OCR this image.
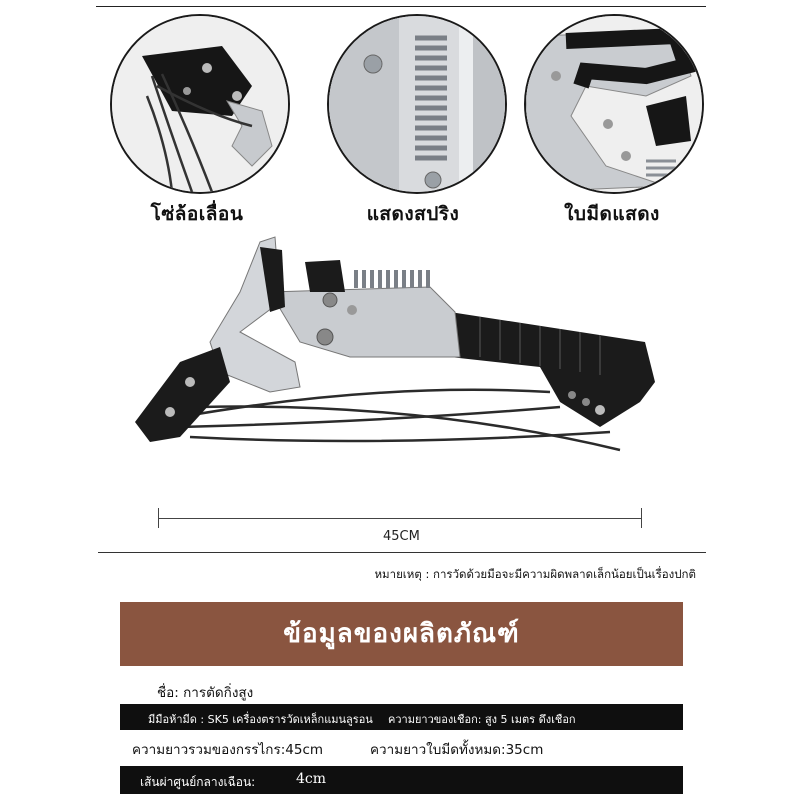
โซ่ล้อเลื่อน	แสดงสปริง	ใบมีดแสดง
45CM
หมายเหตุ : การวัดด้วยมือจะมีความผิดพลาดเล็กน้อยเป็นเรื่องปกติ
ข้อมูลของผลิตภัณฑ์
ชื่อ: การตัดกิ่งสูง
มีมือห้ามีด : SK5 เครื่องตรารวัดเหล็กแมนลูรอน ความยาวของเชือก: สูง 5 เมตร ดึงเชือก
ความยาวรวมของกรรไกร:45cm	ความยาวใบมีดทั้งหมด:35cm
เส้นผ่าศูนย์กลางเฉือน:	4cm
